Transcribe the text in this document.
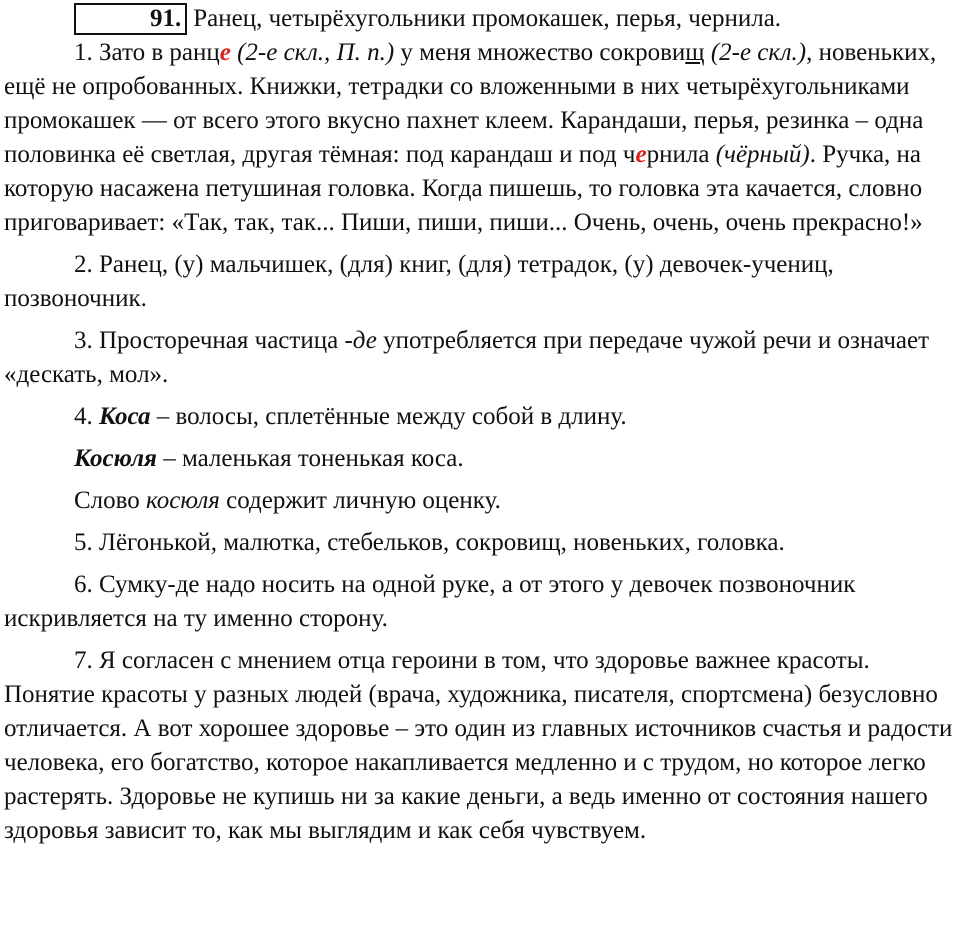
91. Ранец, четырёхугольники промокашек, перья, чернила.

1. Зато в ранце (2-е скл., П. п.) у меня множество сокровищ (2-е скл.), новеньких, ещё не опробованных. Книжки, тетрадки со вложенными в них четырёхугольниками промокашек — от всего этого вкусно пахнет клеем. Карандаши, перья, резинка – одна половинка её светлая, другая тёмная: под карандаш и под чернила (чёрный). Ручка, на которую насажена петушиная головка. Когда пишешь, то головка эта качается, словно приговаривает: «Так, так, так... Пиши, пиши, пиши... Очень, очень, очень прекрасно!»

2. Ранец, (у) мальчишек, (для) книг, (для) тетрадок, (у) девочек-учениц, позвоночник.

3. Просторечная частица -де употребляется при передаче чужой речи и означает «дескать, мол».

4. Коса – волосы, сплетённые между собой в длину.

Косюля – маленькая тоненькая коса.

Слово косюля содержит личную оценку.

5. Лёгонькой, малютка, стебельков, сокровищ, новеньких, головка.

6. Сумку-де надо носить на одной руке, а от этого у девочек позвоночник искривляется на ту именно сторону.

7. Я согласен с мнением отца героини в том, что здоровье важнее красоты. Понятие красоты у разных людей (врача, художника, писателя, спортсмена) безусловно отличается. А вот хорошее здоровье – это один из главных источников счастья и радости человека, его богатство, которое накапливается медленно и с трудом, но которое легко растерять. Здоровье не купишь ни за какие деньги, а ведь именно от состояния нашего здоровья зависит то, как мы выглядим и как себя чувствуем.
